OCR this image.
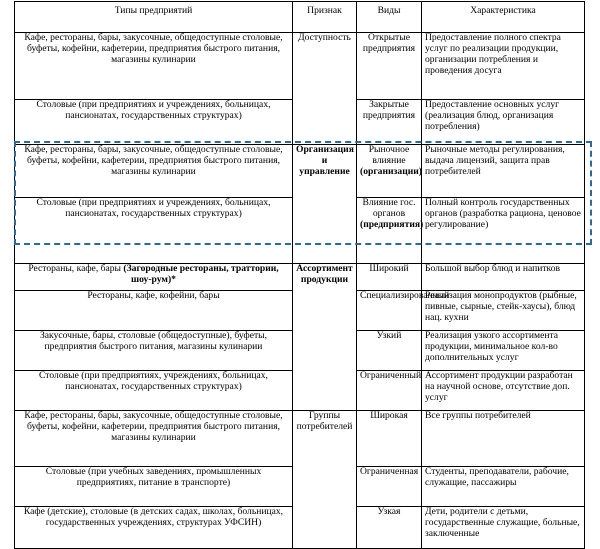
Типы предприятий	Признак	Виды	Характеристика
Кафе, рестораны, бары, закусочные, общедоступные столовые, буфеты, кофейни, кафетерии, предприятия быстрого питания, магазины кулинарии	Доступность	Открытые предприятия	Предоставление полного спектра услуг по реализации продукции, организации потребления и проведения досуга
Столовые (при предприятиях и учреждениях, больницах, пансионатах, государственных структурах)		Закрытые предприятия	Предоставление основных услуг (реализация блюд, организация потребления)
Кафе, рестораны, бары, закусочные, общедоступные столовые, буфеты, кофейни, кафетерии, предприятия быстрого питания, магазины кулинарии	Организация и управление	Рыночное влияние (организации)	Рыночные методы регулирования, выдача лицензий, защита прав потребителей
Столовые (при предприятиях и учреждениях, больницах, пансионатах, государственных структурах)		Влияние гос. органов (предприятия)	Полный контроль государственных органов (разработка рациона, ценовое регулирование)
Рестораны, кафе, бары (Загородные рестораны, траттории, шоу-рум)*	Ассортимент продукции	Широкий	Большой выбор блюд и напитков
Рестораны, кафе, кофейни, бары		Специализированный	Реализация монопродуктов (рыбные, пивные, сырные, стейк-хаусы), блюд нац. кухни
Закусочные, бары, столовые (общедоступные), буфеты, предприятия быстрого питания, магазины кулинарии		Узкий	Реализация узкого ассортимента продукции, минимальное кол-во дополнительных услуг
Столовые (при предприятиях, учреждениях, больницах, пансионатах, государственных структурах)		Ограниченный	Ассортимент продукции разработан на научной основе, отсутствие доп. услуг
Кафе, рестораны, бары, закусочные, общедоступные столовые, буфеты, кофейни, кафетерии, предприятия быстрого питания, магазины кулинарии	Группы потребителей	Широкая	Все группы потребителей
Столовые (при учебных заведениях, промышленных предприятиях, питание в транспорте)		Ограниченная	Студенты, преподаватели, рабочие, служащие, пассажиры
Кафе (детские), столовые (в детских садах, школах, больницах, государственных учреждениях, структурах УФСИН)		Узкая	Дети, родители с детьми, государственные служащие, больные, заключенные
